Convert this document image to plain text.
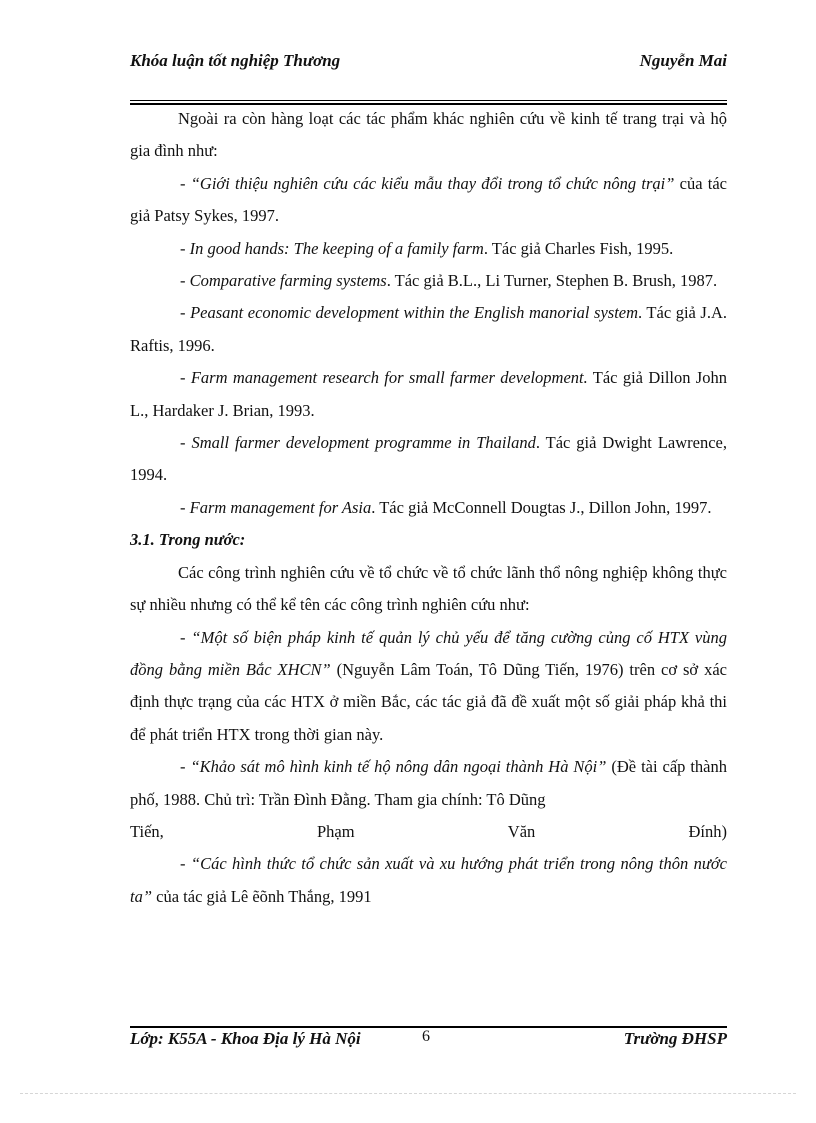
Khóa luận tốt nghiệp Thương	Nguyễn Mai

Ngoài ra còn hàng loạt các tác phẩm khác nghiên cứu về kinh tế trang trại và hộ gia đình như:

- “Giới thiệu nghiên cứu các kiểu mẫu thay đổi trong tổ chức nông trại” của tác giả Patsy Sykes, 1997.

- In good hands: The keeping of a family farm. Tác giả Charles Fish, 1995.

- Comparative farming systems. Tác giả B.L., Li Turner, Stephen B. Brush, 1987.

- Peasant economic development within the English manorial system. Tác giả J.A. Raftis, 1996.

- Farm management research for small farmer development. Tác giả Dillon John L., Hardaker J. Brian, 1993.

- Small farmer development programme in Thailand. Tác giả Dwight Lawrence, 1994.

- Farm management for Asia. Tác giả McConnell Dougtas J., Dillon John, 1997.

3.1. Trong nước:

Các công trình nghiên cứu về tổ chức về tổ chức lãnh thổ nông nghiệp không thực sự nhiều nhưng có thể kể tên các công trình nghiên cứu như:

- “Một số biện pháp kinh tế quản lý chủ yếu để tăng cường củng cố HTX vùng đồng bằng miền Bắc XHCN” (Nguyễn Lâm Toán, Tô Dũng Tiến, 1976) trên cơ sở xác định thực trạng của các HTX ở miền Bắc, các tác giả đã đề xuất một số giải pháp khả thi để phát triển HTX trong thời gian này.

- “Khảo sát mô hình kinh tế hộ nông dân ngoại thành Hà Nội” (Đề tài cấp thành phố, 1988. Chủ trì: Trần Đình Đằng. Tham gia chính: Tô Dũng

Tiến,	Phạm	Văn	Đính)

- “Các hình thức tổ chức sản xuất và xu hướng phát triển trong nông thôn nước ta” của tác giả Lê ẽõnh Thắng, 1991

Lớp: K55A - Khoa Địa lý Hà Nội	6	Trường ĐHSP
